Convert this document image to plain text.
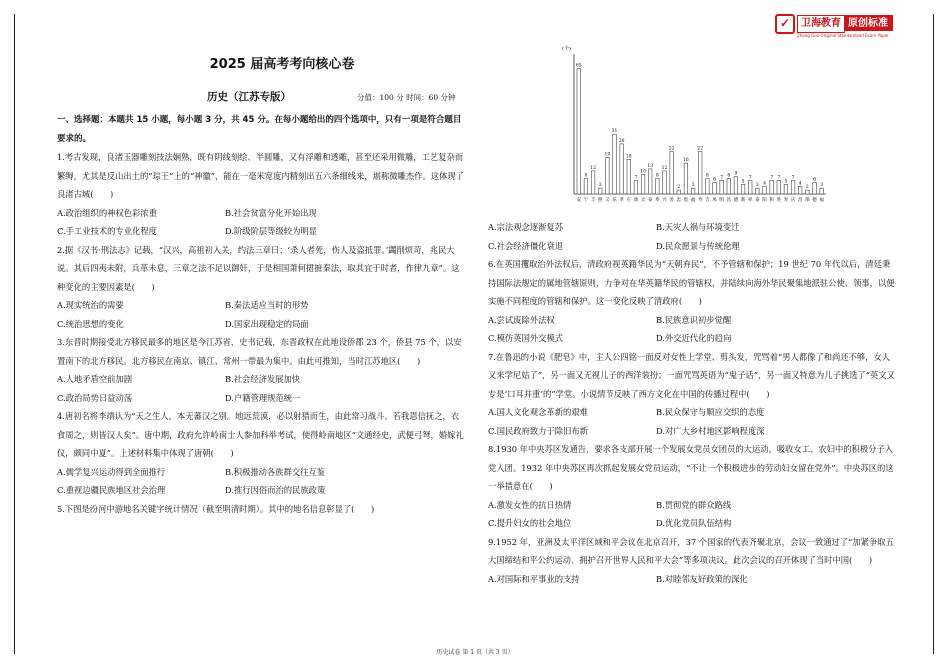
✓	卫海教育 原创标准卷
Zhang Guo Original Standardized Exam Paper
2025 届高考考向核心卷
历史（江苏专版）	分值：100 分 时间：60 分钟

一、选择题：本题共 15 小题，每小题 3 分，共 45 分。在每小题给出的四个选项中，只有一项是符合题目要求的。

1.考古发现，良渚玉器雕刻技法娴熟，既有阴线刻绘、半圆雕，又有浮雕和透雕，甚至还采用微雕，工艺复杂而繁缛，尤其是反山出土的“琮王”上的“神徽”，能在一毫米宽度内精刻出五六条细线来，堪称微雕杰作。这体现了良渚古城(　　)

A.政治组织的神权色彩浓重	B.社会贫富分化开始出现
C.手工业技术的专业化程度	D.阶级阶层等级较为明显

2.据《汉书·刑法志》记载，“汉兴，高祖初入关，约法三章曰：‘杀人者死，伤人及盗抵罪。’蠲削烦苛，兆民大说。其后四夷未附，兵革未息，三章之法不足以御奸，于是相国萧何捃摭秦法，取其宜于时者，作律九章”。这种变化的主要因素是(　　)

A.现实统治的需要	B.秦法适应当时的形势
C.统治思想的变化	D.国家出现稳定的局面

3.东晋时期接受北方移民最多的地区是今江苏省，史书记载，东晋政权在此地设侨郡 23 个，侨县 75 个，以安置南下的北方移民。北方移民在南京、镇江、常州一带最为集中。由此可推知，当时江苏地区(　　)

A.人地矛盾空前加剧	B.社会经济发展加快
C.政治局势日益动荡	D.户籍管理规范统一

4.唐初名将李靖认为“天之生人，本无蕃汉之别。地远荒漠，必以射猎而生，由此常习战斗。若我恩信抚之，衣食周之，则皆汉人矣”。唐中期，政府允许岭南士人参加科举考试，使得岭南地区“文通经史，武便弓弩，婚嫁礼仪，颇同中夏”。上述材料集中体现了唐朝(　　)

A.儒学复兴运动得到全面推行	B.积极推动各族群交往互鉴
C.重视边疆民族地区社会治理	D.推行因俗而治的民族政策

5.下图是汾河中游地名关键字统计情况（截至明清时期）。其中的地名信息彰显了(　　)

(个)
65
安
8
宁
12
丰
3
照
19
义
31
乐
26
孝
18
庄
7
康
10
太
13
泰
8
奉
12
兴
22
善
2
忠
16
恩
3
福
22
寿
8
吉
6
凤
7
明
8
昌
9
德
5
新
7
祥
3
泰
4
阳
7
和
7
进
5
寿
7
庆
4
昌
2
保
6
德
3
福
A.宗法观念逐渐复苏	B.天灾人祸与环境变迁
C.社会经济僵化衰退	D.民众愿景与传统伦理

6.在英国攫取治外法权后，清政府视英籍华民为“天朝弃民”，不予管辖和保护；19 世纪 70 年代以后，清廷秉持国际法规定的属地管辖原则，力争对在华英籍华民的管辖权，并陆续向海外华民聚集地派驻公使、领事，以便实施不同程度的管辖和保护。这一变化反映了清政府(　　)

A.尝试废除外法权	B.民族意识初步觉醒
C.模仿英国外交模式	D.外交近代化的趋向

7.在鲁迅的小说《肥皂》中，主人公四铭一面反对女性上学堂、剪头发，咒骂着“男人都像了和尚还不够，女人又来学尼姑了”，另一面又无视儿子的西洋装扮；一面咒骂英语为“鬼子话”，另一面又特意为儿子挑选了“英文又专是‘口耳并重’的”学堂。小说情节反映了西方文化在中国的传播过程中(　　)

A.国人文化观念革新的艰难	B.民众保守与顺应交织的态度
C.国民政府致力于除旧布新	D.对广大乡村地区影响程度深

8.1930 年中央苏区发通告，要求各支部开展一个发展女党员女团员的大运动，吸收女工、农妇中的积极分子入党入团。1932 年中央苏区再次抓起发展女党员运动，“不让一个积极进步的劳动妇女留在党外”。中央苏区的这一举措意在(　　)

A.激发女性的抗日热情	B.贯彻党的群众路线
C.提升妇女的社会地位	D.优化党员队伍结构

9.1952 年，亚洲及太平洋区域和平会议在北京召开，37 个国家的代表齐聚北京，会议一致通过了“加紧争取五大国缔结和平公约运动、拥护召开世界人民和平大会”等多项决议。此次会议的召开体现了当时中国(　　)

A.对国际和平事业的支持	B.对睦邻友好政策的深化
历史试卷 第 1 页（共 3 页）
